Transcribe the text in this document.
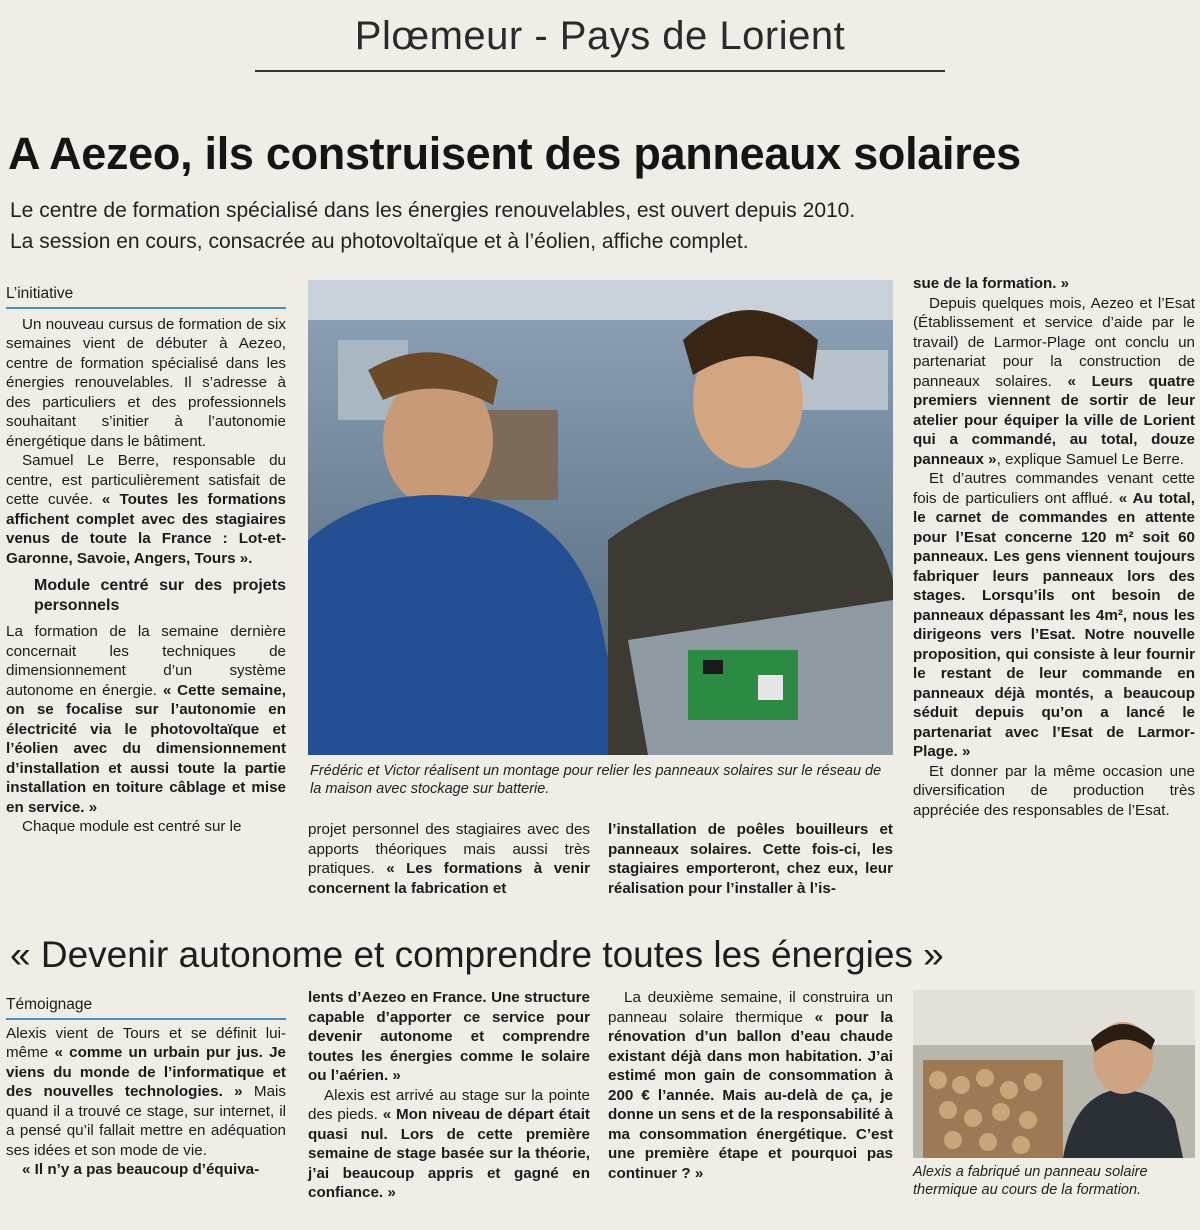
Plœmeur - Pays de Lorient
A Aezeo, ils construisent des panneaux solaires
Le centre de formation spécialisé dans les énergies renouvelables, est ouvert depuis 2010.
La session en cours, consacrée au photovoltaïque et à l’éolien, affiche complet.
L’initiative

Un nouveau cursus de formation de six semaines vient de débuter à Aezeo, centre de formation spécialisé dans les énergies renouvelables. Il s’adresse à des particuliers et des professionnels souhaitant s’initier à l’autonomie énergétique dans le bâtiment.

Samuel Le Berre, responsable du centre, est particulièrement satisfait de cette cuvée. « Toutes les formations affichent complet avec des stagiaires venus de toute la France : Lot-et-Garonne, Savoie, Angers, Tours ».

Module centré sur des projets personnels

La formation de la semaine dernière concernait les techniques de dimensionnement d’un système autonome en énergie. « Cette semaine, on se focalise sur l’autonomie en électricité via le photovoltaïque et l’éolien avec du dimensionnement d’installation et aussi toute la partie installation en toiture câblage et mise en service. »

Chaque module est centré sur le

Frédéric et Victor réalisent un montage pour relier les panneaux solaires sur le réseau de la maison avec stockage sur batterie.

projet personnel des stagiaires avec des apports théoriques mais aussi très pratiques. « Les formations à venir concernent la fabrication et

l’installation de poêles bouilleurs et panneaux solaires. Cette fois-ci, les stagiaires emporteront, chez eux, leur réalisation pour l’installer à l’is-

sue de la formation. »

Depuis quelques mois, Aezeo et l’Esat (Établissement et service d’aide par le travail) de Larmor-Plage ont conclu un partenariat pour la construction de panneaux solaires. « Leurs quatre premiers viennent de sortir de leur atelier pour équiper la ville de Lorient qui a commandé, au total, douze panneaux », explique Samuel Le Berre.

Et d’autres commandes venant cette fois de particuliers ont afflué. « Au total, le carnet de commandes en attente pour l’Esat concerne 120 m² soit 60 panneaux. Les gens viennent toujours fabriquer leurs panneaux lors des stages. Lorsqu’ils ont besoin de panneaux dépassant les 4m², nous les dirigeons vers l’Esat. Notre nouvelle proposition, qui consiste à leur fournir le restant de leur commande en panneaux déjà montés, a beaucoup séduit depuis qu’on a lancé le partenariat avec l’Esat de Larmor-Plage. »

Et donner par la même occasion une diversification de production très appréciée des responsables de l’Esat.

« Devenir autonome et comprendre toutes les énergies »
Témoignage

Alexis vient de Tours et se définit lui-même « comme un urbain pur jus. Je viens du monde de l’informatique et des nouvelles technologies. » Mais quand il a trouvé ce stage, sur internet, il a pensé qu’il fallait mettre en adéquation ses idées et son mode de vie.

« Il n’y a pas beaucoup d’équiva-

lents d’Aezeo en France. Une structure capable d’apporter ce service pour devenir autonome et comprendre toutes les énergies comme le solaire ou l’aérien. »

Alexis est arrivé au stage sur la pointe des pieds. « Mon niveau de départ était quasi nul. Lors de cette première semaine de stage basée sur la théorie, j’ai beaucoup appris et gagné en confiance. »

La deuxième semaine, il construira un panneau solaire thermique « pour la rénovation d’un ballon d’eau chaude existant déjà dans mon habitation. J’ai estimé mon gain de consommation à 200 € l’année. Mais au-delà de ça, je donne un sens et de la responsabilité à ma consommation énergétique. C’est une première étape et pourquoi pas continuer ? »	Alexis a fabriqué un panneau solaire thermique au cours de la formation.
